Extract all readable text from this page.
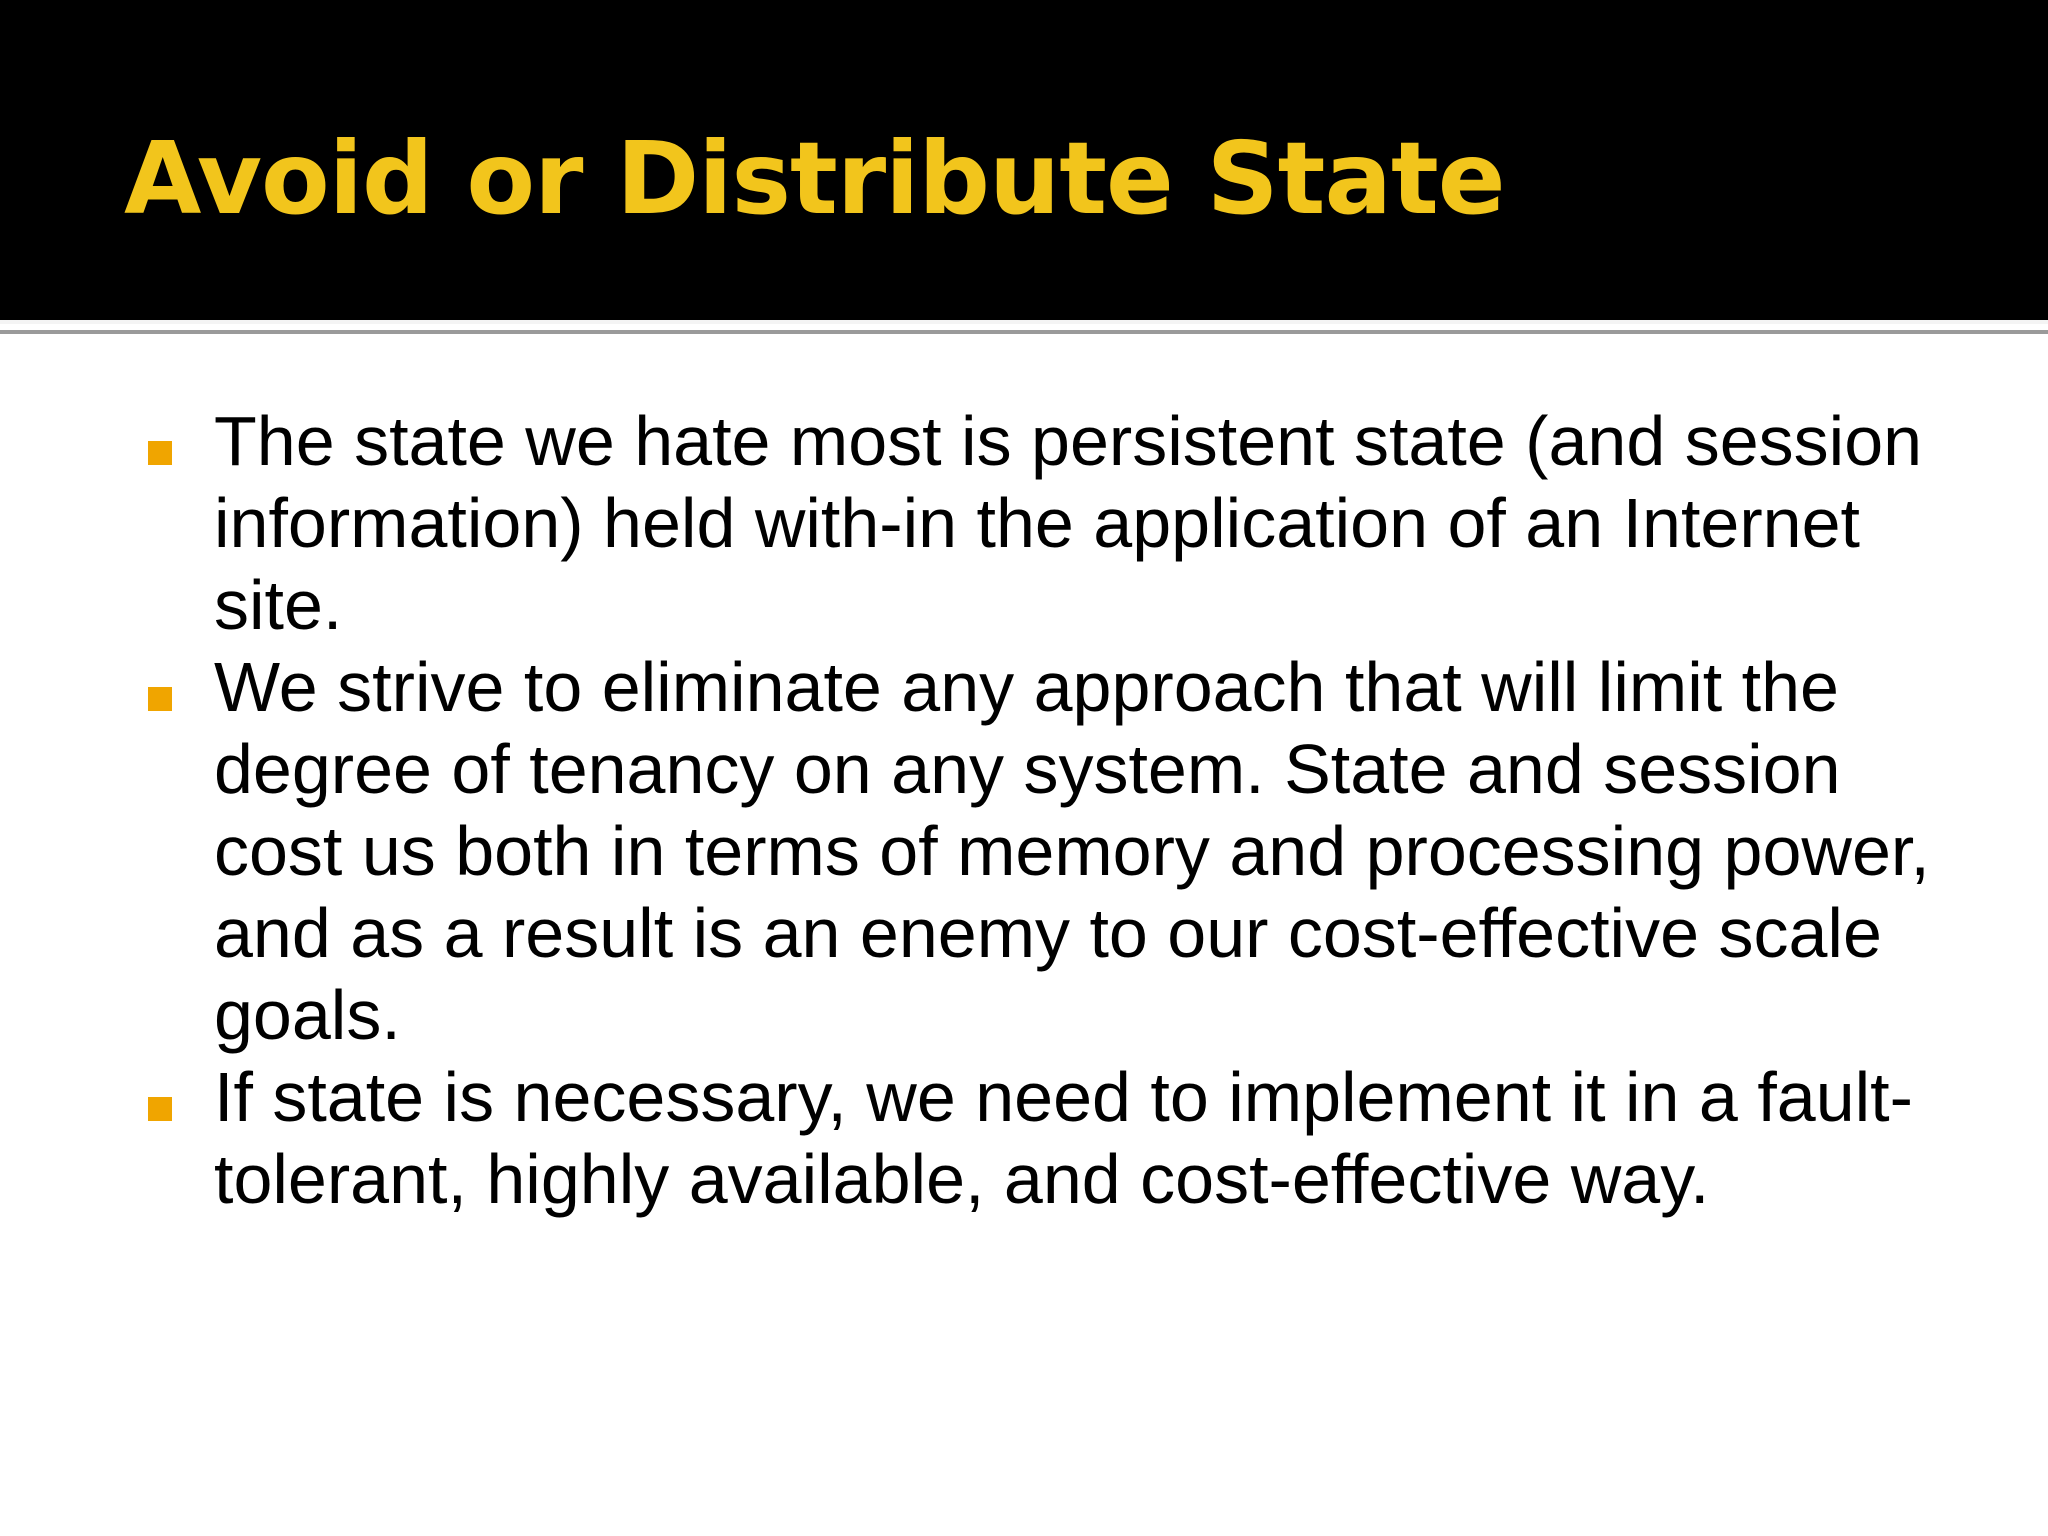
Avoid or Distribute State
The state we hate most is persistent state (and session information) held with-in the application of an Internet site.
We strive to eliminate any approach that will limit the degree of tenancy on any system. State and session cost us both in terms of memory and processing power, and as a result is an enemy to our cost-effective scale goals.
If state is necessary, we need to implement it in a fault-tolerant, highly available, and cost-effective way.
